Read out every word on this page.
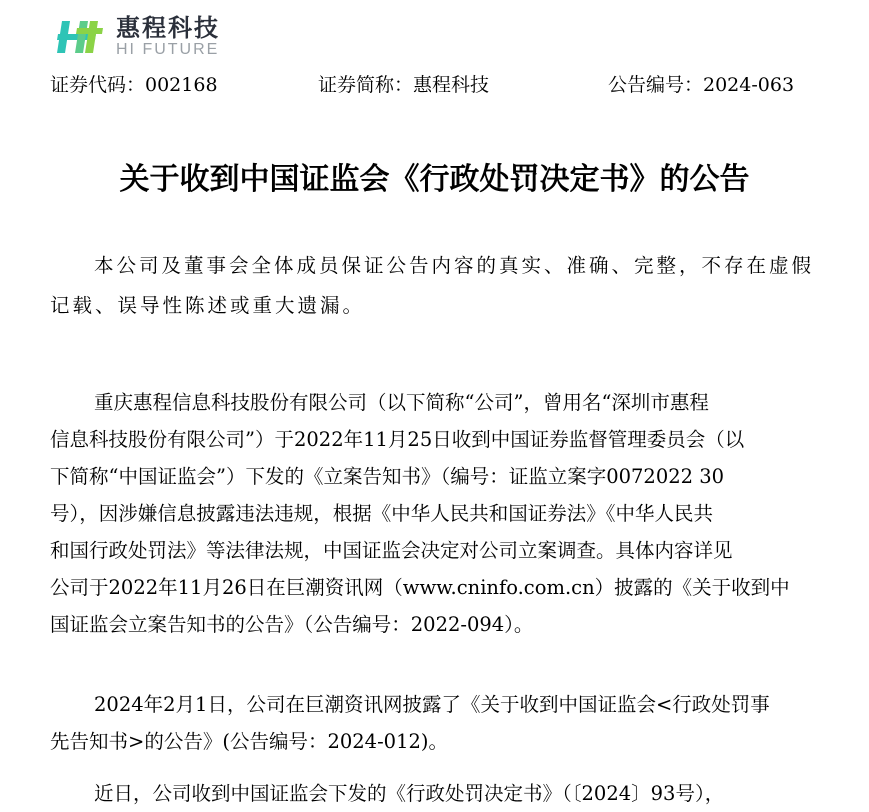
惠程科技
HI FUTURE
证券代码：002168	证券简称：惠程科技	公告编号：2024-063
关于收到中国证监会《行政处罚决定书》的公告
本公司及董事会全体成员保证公告内容的真实、准确、完整，不存在虚假
记载、误导性陈述或重大遗漏。
重庆惠程信息科技股份有限公司（以下简称“公司”，曾用名“深圳市惠程
信息科技股份有限公司”）于2022年11月25日收到中国证券监督管理委员会（以
下简称“中国证监会”）下发的《立案告知书》（编号：证监立案字0072022 30
号），因涉嫌信息披露违法违规，根据《中华人民共和国证券法》《中华人民共
和国行政处罚法》等法律法规，中国证监会决定对公司立案调查。具体内容详见
公司于2022年11月26日在巨潮资讯网（www.cninfo.com.cn）披露的《关于收到中
国证监会立案告知书的公告》（公告编号：2022-094）。
2024年2月1日，公司在巨潮资讯网披露了《关于收到中国证监会<行政处罚事
先告知书>的公告》(公告编号：2024-012)。
近日，公司收到中国证监会下发的《行政处罚决定书》（〔2024〕93号），
